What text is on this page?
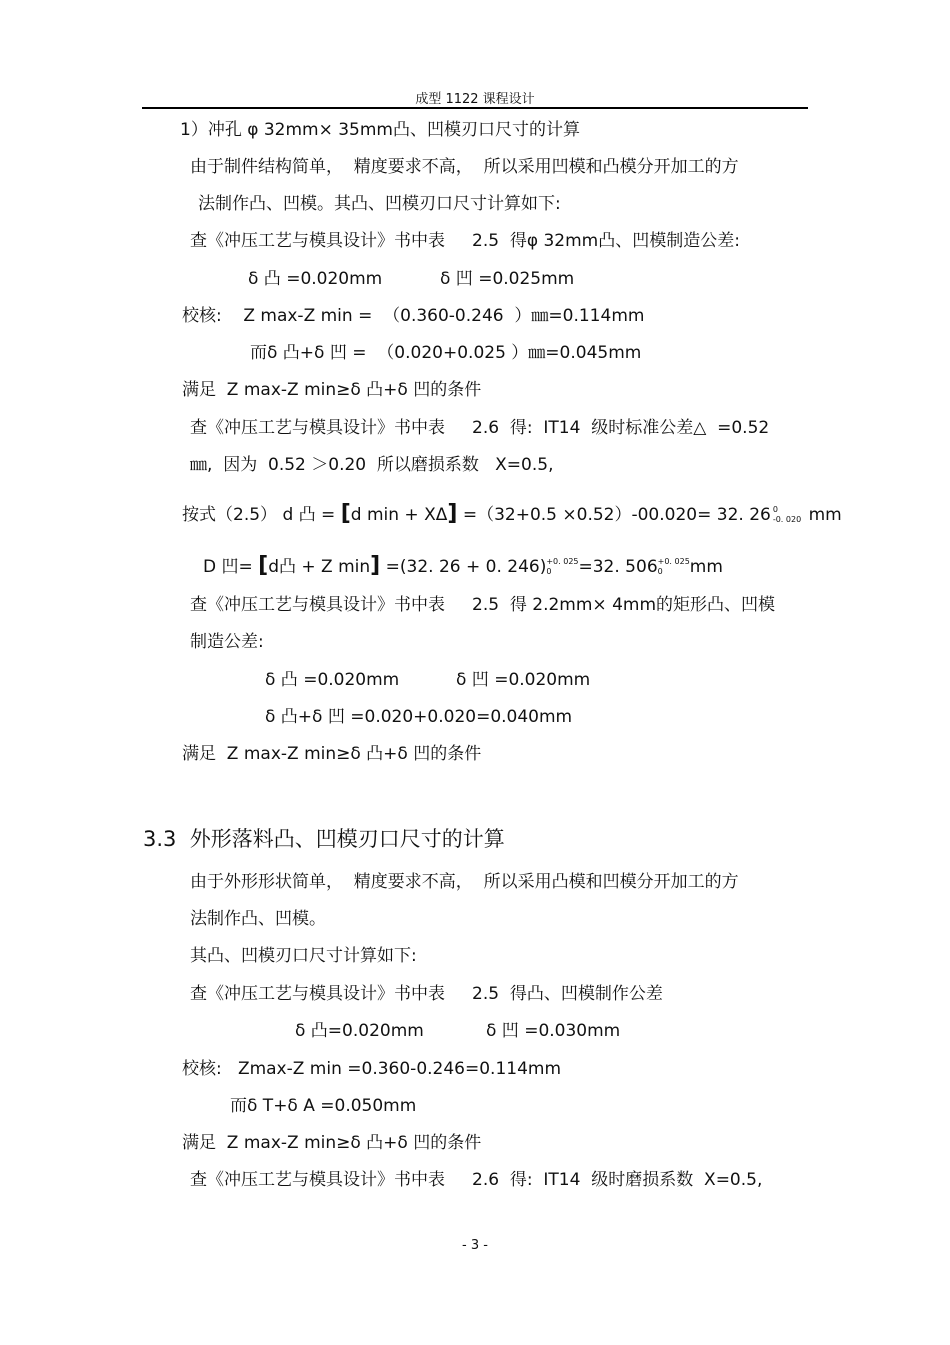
成型 1122 课程设计
1）冲孔 φ 32mm× 35mm凸、凹模刃口尺寸的计算
由于制件结构简单，  精度要求不高，  所以采用凹模和凸模分开加工的方
法制作凸、凹模。其凸、凹模刃口尺寸计算如下:
查《冲压工艺与模具设计》书中表     2.5  得φ 32mm凸、凹模制造公差:
满足  Z max-Z min≥δ 凸+δ 凹的条件
查《冲压工艺与模具设计》书中表     2.6  得:  IT14  级时标准公差△  =0.52
㎜,  因为  0.52 ＞0.20  所以磨损系数   X=0.5,
查《冲压工艺与模具设计》书中表     2.5  得 2.2mm× 4mm的矩形凸、凹模
制造公差:
满足  Z max-Z min≥δ 凸+δ 凹的条件
由于外形形状简单，  精度要求不高，  所以采用凸模和凹模分开加工的方
法制作凸、凹模。
其凸、凹模刃口尺寸计算如下:
查《冲压工艺与模具设计》书中表     2.5  得凸、凹模制作公差
满足  Z max-Z min≥δ 凸+δ 凹的条件
查《冲压工艺与模具设计》书中表     2.6  得:  IT14  级时磨损系数  X=0.5,
δ 凸 =0.020mm	δ 凹 =0.025mm
校核:    Z max-Z min =  （0.360-0.246  ）㎜=0.114mm
而δ 凸+δ 凹 =  （0.020+0.025 ）㎜=0.045mm
按式（2.5） d 凸 = [d min + XΔ] =（32+0.5 ×0.52）-00.020= 32. 26 0
-0. 020 mm
D 凹= [d凸 + Z min] =(32. 26 + 0. 246) +0. 025
0	=32. 506 +0. 025
0	mm
δ 凸 =0.020mm	δ 凹 =0.020mm
δ 凸+δ 凹 =0.020+0.020=0.040mm
3.3  外形落料凸、凹模刃口尺寸的计算
δ 凸=0.020mm	δ 凹 =0.030mm
校核:   Zmax-Z min =0.360-0.246=0.114mm
而δ T+δ A =0.050mm
- 3 -
